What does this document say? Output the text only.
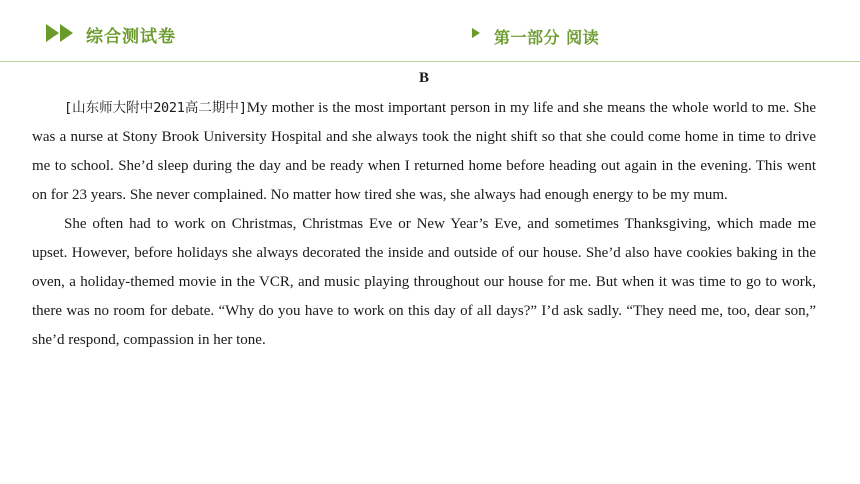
综合测试卷	第一部分 阅读
B

[山东师大附中2021高二期中]My mother is the most important person in my life and she means the whole world to me. She was a nurse at Stony Brook University Hospital and she always took the night shift so that she could come home in time to drive me to school. She’d sleep during the day and be ready when I returned home before heading out again in the evening. This went on for 23 years. She never complained. No matter how tired she was, she always had enough energy to be my mum.

She often had to work on Christmas, Christmas Eve or New Year’s Eve, and sometimes Thanksgiving, which made me upset. However, before holidays she always decorated the inside and outside of our house. She’d also have cookies baking in the oven, a holiday-themed movie in the VCR, and music playing throughout our house for me. But when it was time to go to work, there was no room for debate. “Why do you have to work on this day of all days?” I’d ask sadly. “They need me, too, dear son,” she’d respond, compassion in her tone.
